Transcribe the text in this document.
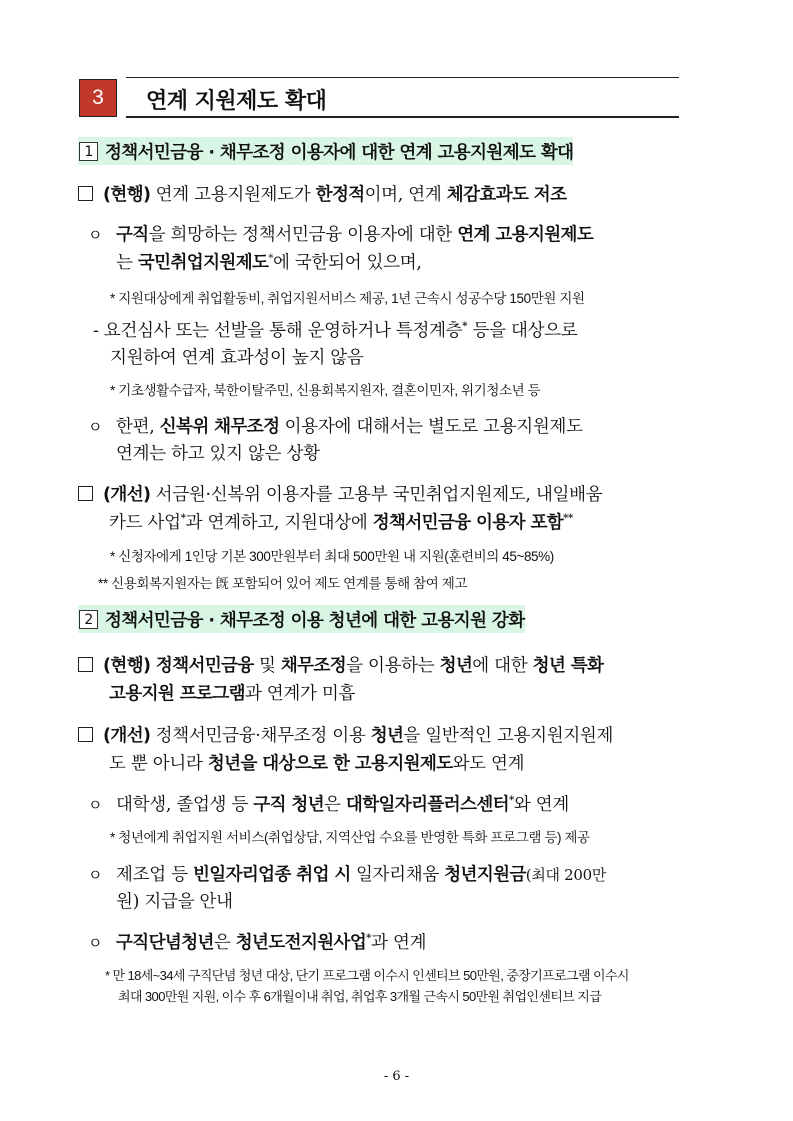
3	연계 지원제도 확대
1 정책서민금융 · 채무조정 이용자에 대한 연계 고용지원제도 확대
(현행) 연계 고용지원제도가 한정적이며, 연계 체감효과도 저조
ㅇ 구직을 희망하는 정책서민금융 이용자에 대한 연계 고용지원제도
는 국민취업지원제도*에 국한되어 있으며,
* 지원대상에게 취업활동비, 취업지원서비스 제공, 1년 근속시 성공수당 150만원 지원
- 요건심사 또는 선발을 통해 운영하거나 특정계층* 등을 대상으로
지원하여 연계 효과성이 높지 않음
* 기초생활수급자, 북한이탈주민, 신용회복지원자, 결혼이민자, 위기청소년 등
ㅇ 한편, 신복위 채무조정 이용자에 대해서는 별도로 고용지원제도
연계는 하고 있지 않은 상황
(개선) 서금원·신복위 이용자를 고용부 국민취업지원제도, 내일배움
카드 사업*과 연계하고, 지원대상에 정책서민금융 이용자 포함**
* 신청자에게 1인당 기본 300만원부터 최대 500만원 내 지원(훈련비의 45~85%)
** 신용회복지원자는 旣 포함되어 있어 제도 연계를 통해 참여 제고
2 정책서민금융 · 채무조정 이용 청년에 대한 고용지원 강화
(현행) 정책서민금융 및 채무조정을 이용하는 청년에 대한 청년 특화
고용지원 프로그램과 연계가 미흡
(개선) 정책서민금융·채무조정 이용 청년을 일반적인 고용지원지원제
도 뿐 아니라 청년을 대상으로 한 고용지원제도와도 연계
ㅇ 대학생, 졸업생 등 구직 청년은 대학일자리플러스센터*와 연계
* 청년에게 취업지원 서비스(취업상담, 지역산업 수요를 반영한 특화 프로그램 등) 제공
ㅇ 제조업 등 빈일자리업종 취업 시 일자리채움 청년지원금(최대 200만
원) 지급을 안내
ㅇ 구직단념청년은 청년도전지원사업*과 연계
* 만 18세~34세 구직단념 청년 대상, 단기 프로그램 이수시 인센티브 50만원, 중장기프로그램 이수시
최대 300만원 지원, 이수 후 6개월이내 취업, 취업후 3개월 근속시 50만원 취업인센티브 지급
- 6 -
